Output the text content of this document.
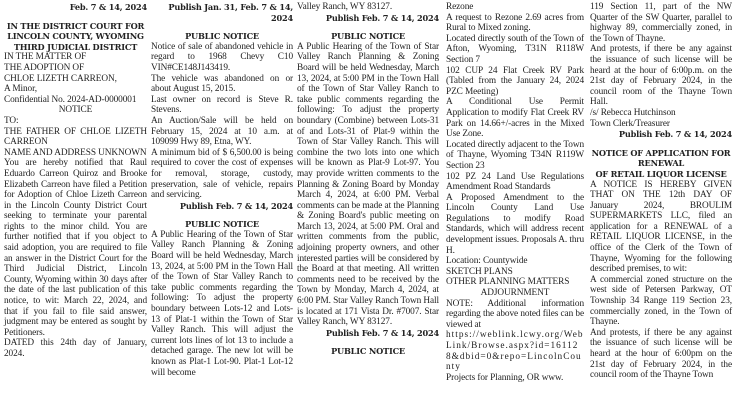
Feb. 7 & 14, 2024

IN THE DISTRICT COURT FOR

LINCOLN COUNTY, WYOMING

THIRD JUDICIAL DISTRICT

IN THE MATTER OF

THE ADOPTION OF

CHLOE LIZETH CARREON,

A Minor,

Confidential No. 2024-AD-0000001

NOTICE

TO:

THE FATHER OF CHLOE LIZETH CARREON

NAME AND ADDRESS UNKNOWN

You are hereby notified that Raul Eduardo Carreon Quiroz and Brooke Elizabeth Carreon have filed a Petition for Adoption of Chloe Lizeth Carreon in the Lincoln County District Court seeking to terminate your parental rights to the minor child. You are further notified that if you object to said adoption, you are required to file an answer in the District Court for the Third Judicial District, Lincoln County, Wyoming within 30 days after the date of the last publication of this notice, to wit: March 22, 2024, and that if you fail to file said answer, judgment may be entered as sought by Petitioners.

DATED this 24th day of January, 2024.

Publish Jan. 31, Feb. 7 & 14, 2024

PUBLIC NOTICE

Notice of sale of abandoned vehicle in regard to 1968 Chevy C10 VIN#CE148J143419.

The vehicle was abandoned on or about August 15, 2015.

Last owner on record is Steve R. Stevens.

An Auction/Sale will be held on February 15, 2024 at 10 a.m. at 109099 Hwy 89, Etna, WY.

A minimum bid of $ 6,500.00 is being required to cover the cost of expenses for removal, storage, custody, preservation, sale of vehicle, repairs and servicing.

Publish Feb. 7 & 14, 2024

PUBLIC NOTICE

A Public Hearing of the Town of Star Valley Ranch Planning & Zoning Board will be held Wednesday, March 13, 2024, at 5:00 PM in the Town Hall of the Town of Star Valley Ranch to take public comments regarding the following: To adjust the property boundary between Lots-12 and Lots-13 of Plat-1 within the Town of Star Valley Ranch. This will adjust the current lots lines of lot 13 to include a detached garage. The new lot will be known as Plat-1 Lot-90. Plat-1 Lot-12 will become

Valley Ranch, WY 83127.

Publish Feb. 7 & 14, 2024

PUBLIC NOTICE

A Public Hearing of the Town of Star Valley Ranch Planning & Zoning Board will be held Wednesday, March 13, 2024, at 5:00 PM in the Town Hall of the Town of Star Valley Ranch to take public comments regarding the following: To adjust the property boundary (Combine) between Lots-31 of and Lots-31 of Plat-9 within the Town of Star Valley Ranch. This will combine the two lots into one which will be known as Plat-9 Lot-97. You may provide written comments to the Planning & Zoning Board by Monday March 4, 2024, at 6:00 PM. Verbal comments can be made at the Planning & Zoning Board's public meeting on March 13, 2024, at 5:00 PM. Oral and written comments from the public, adjoining property owners, and other interested parties will be considered by the Board at that meeting. All written comments need to be received by the Town by Monday, March 4, 2024, at 6:00 PM. Star Valley Ranch Town Hall is located at 171 Vista Dr. #7007. Star Valley Ranch, WY 83127.

Publish Feb. 7 & 14, 2024

PUBLIC NOTICE

Rezone

A request to Rezone 2.69 acres from Rural to Mixed zoning.

Located directly south of the Town of Afton, Wyoming, T31N R118W Section 7

102 CUP 24 Flat Creek RV Park (Tabled from the January 24, 2024 PZC Meeting)

A Conditional Use Permit Application to modify Flat Creek RV Park on 14.66+/-acres in the Mixed Use Zone.

Located directly adjacent to the Town of Thayne, Wyoming T34N R119W Section 23

102 PZ 24 Land Use Regulations Amendment Road Standards

A Proposed Amendment to the Lincoln County Land Use Regulations to modify Road Standards, which will address recent development issues. Proposals A. thru H.

Location: Countywide

SKETCH PLANS

OTHER PLANNING MATTERS

ADJOURNMENT

NOTE: Additional information regarding the above noted files can be viewed at

https://weblink.lcwy.org/WebLink/Browse.aspx?id=161128&dbid=0&repo=LincolnCounty

Projects for Planning, OR www.

119 Section 11, part of the NW Quarter of the SW Quarter, parallel to highway 89, commercially zoned, in the Town of Thayne.

And protests, if there be any against the issuance of such license will be heard at the hour of 6:00p.m. on the 21st day of February 2024, in the council room of the Thayne Town Hall.

/s/ Rebecca Hutchinson

Town Clerk/Treasurer

Publish Feb. 7 & 14, 2024

NOTICE OF APPLICATION FOR RENEWAL

OF RETAIL LIQUOR LICENSE

A NOTICE IS HEREBY GIVEN THAT ON THE 12th DAY OF January 2024, BROULIM SUPERMARKETS LLC, filed an application for a RENEWAL of a RETAIL LIQUOR LICENSE, in the office of the Clerk of the Town of Thayne, Wyoming for the following described premises, to wit:

A commercial zoned structure on the west side of Petersen Parkway, OT Township 34 Range 119 Section 23, commercially zoned, in the Town of Thayne.

And protests, if there be any against the issuance of such license will be heard at the hour of 6:00pm on the 21st day of February 2024, in the council room of the Thayne Town
